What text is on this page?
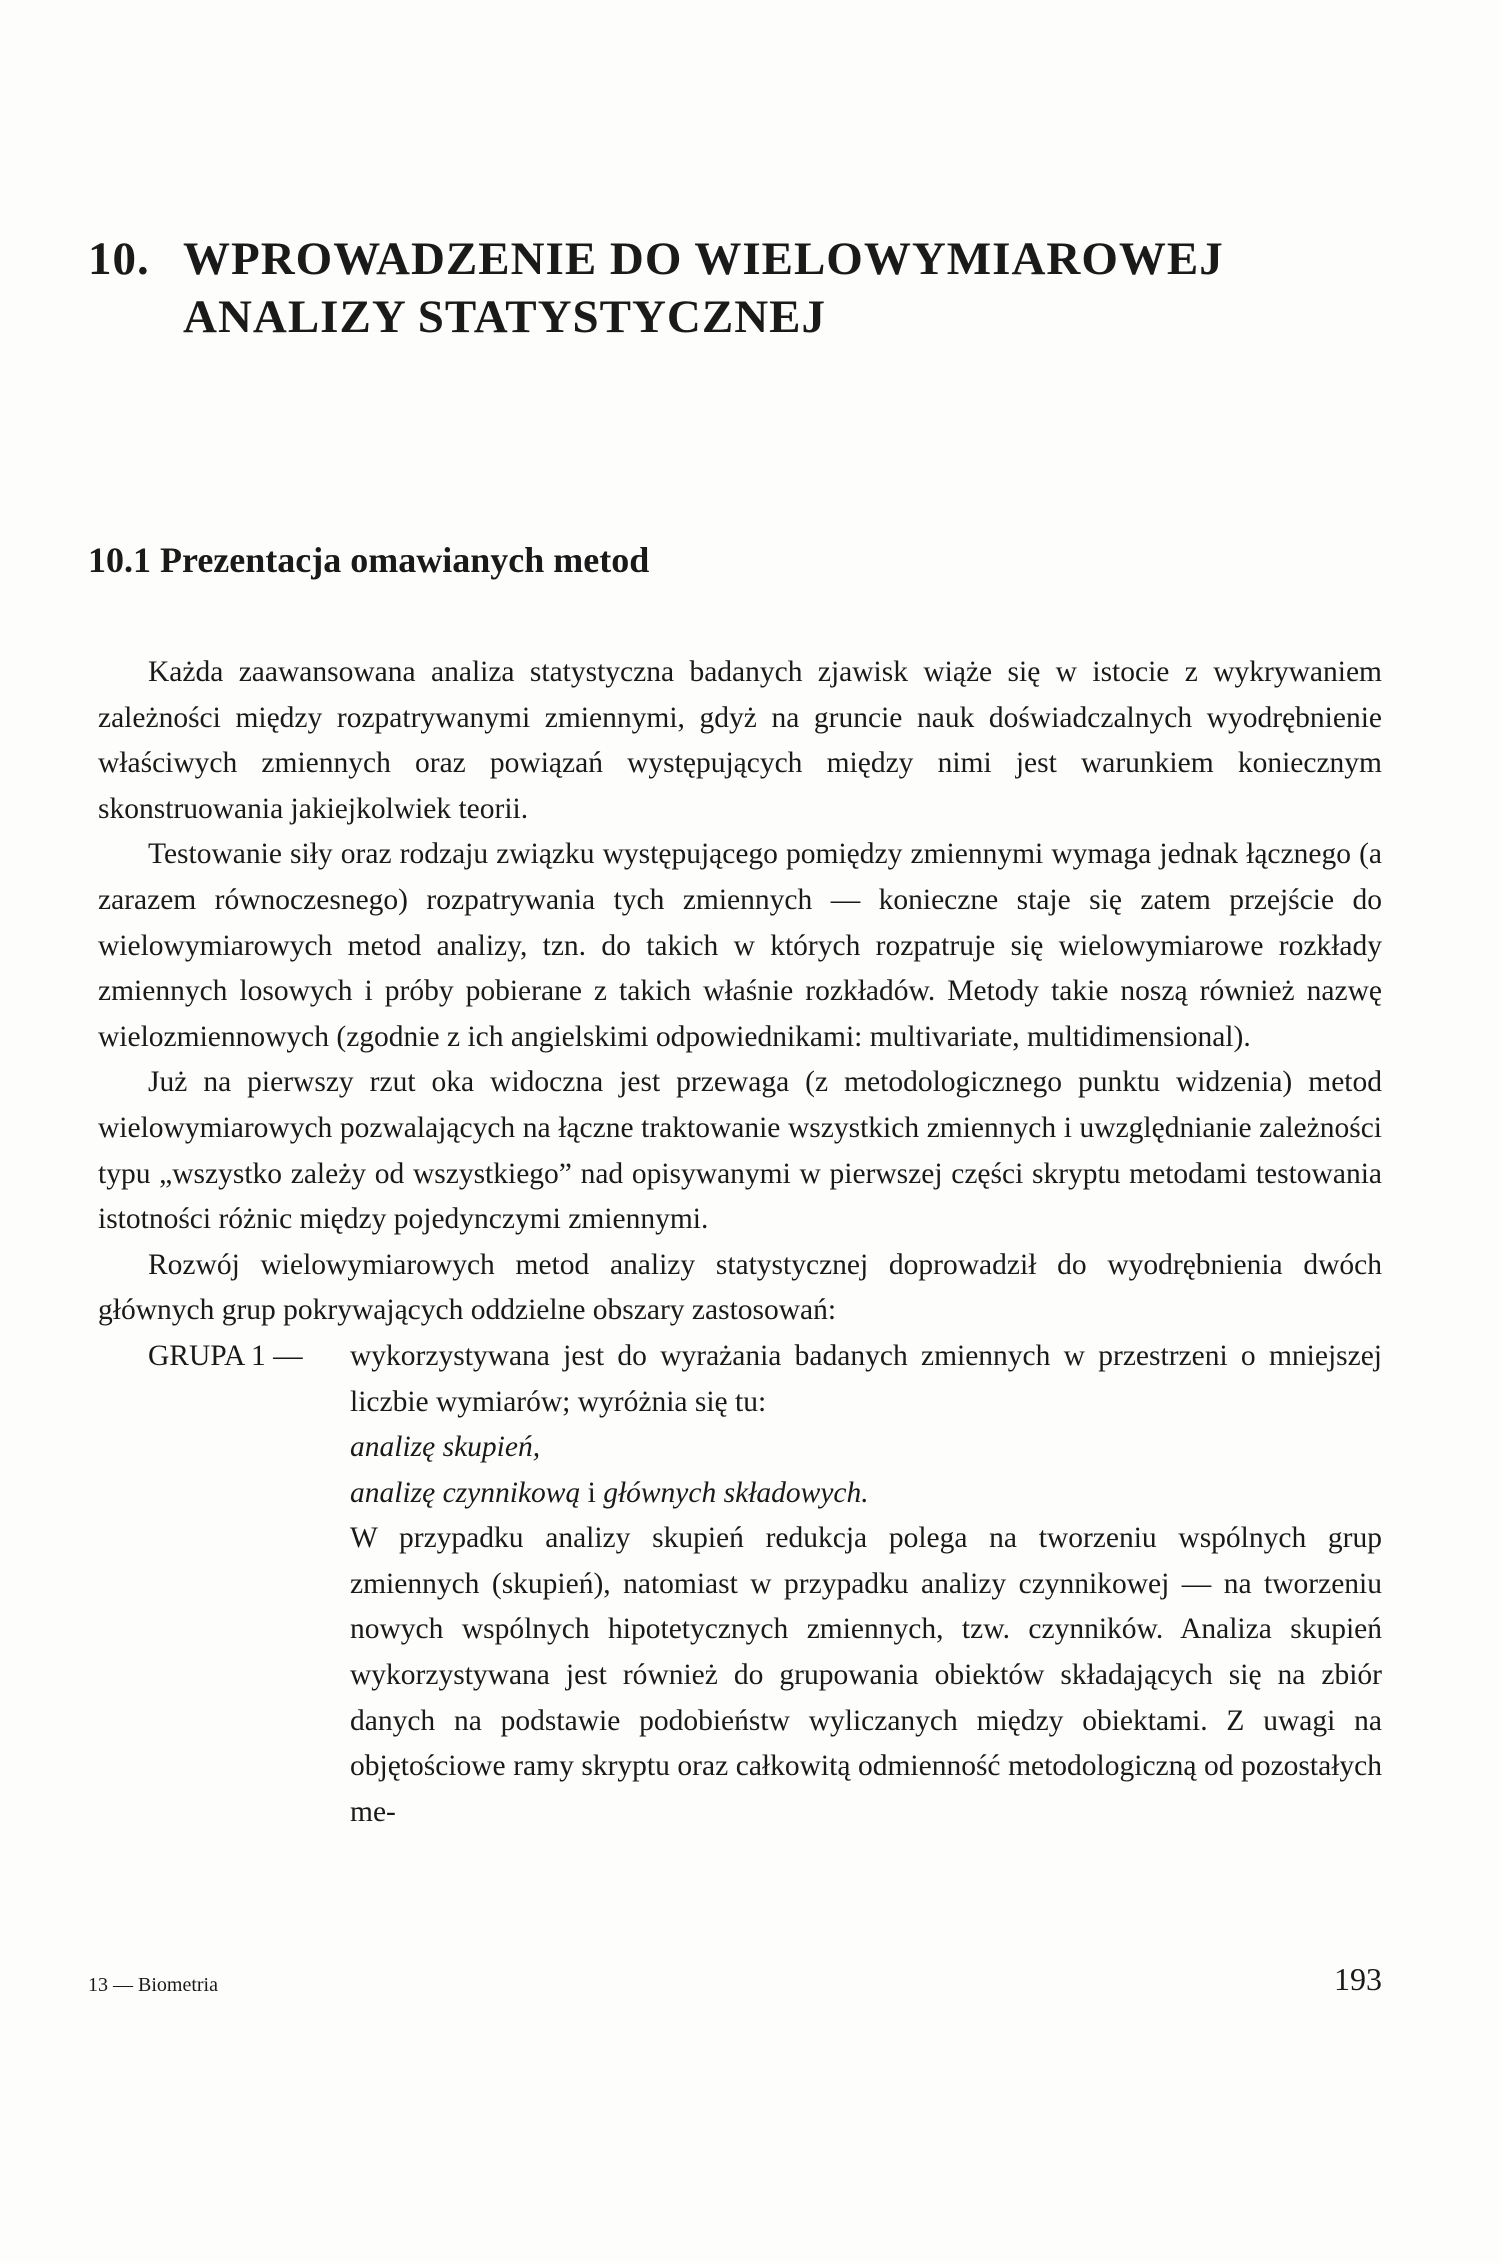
10. WPROWADZENIE DO WIELOWYMIAROWEJ
ANALIZY STATYSTYCZNEJ
10.1 Prezentacja omawianych metod

Każda zaawansowana analiza statystyczna badanych zjawisk wiąże się w istocie z wykrywaniem zależności między rozpatrywanymi zmiennymi, gdyż na gruncie nauk doświadczalnych wyodrębnienie właściwych zmiennych oraz powiązań występujących między nimi jest warunkiem koniecznym skonstruowania jakiejkolwiek teorii.

Testowanie siły oraz rodzaju związku występującego pomiędzy zmiennymi wymaga jednak łącznego (a zarazem równoczesnego) rozpatrywania tych zmiennych — konieczne staje się zatem przejście do wielowymiarowych metod analizy, tzn. do takich w których rozpatruje się wielowymiarowe rozkłady zmiennych losowych i próby pobierane z takich właśnie rozkładów. Metody takie noszą również nazwę wielozmiennowych (zgodnie z ich angielskimi odpowiednikami: multivariate, multidimensional).

Już na pierwszy rzut oka widoczna jest przewaga (z metodologicznego punktu widzenia) metod wielowymiarowych pozwalających na łączne traktowanie wszystkich zmiennych i uwzględnianie zależności typu „wszystko zależy od wszystkiego” nad opisywanymi w pierwszej części skryptu metodami testowania istotności różnic między pojedynczymi zmiennymi.

Rozwój wielowymiarowych metod analizy statystycznej doprowadził do wyodrębnienia dwóch głównych grup pokrywających oddzielne obszary zastosowań:

GRUPA 1 —	wykorzystywana jest do wyrażania badanych zmiennych w przestrzeni o mniejszej liczbie wymiarów; wyróżnia się tu:

analizę skupień,

analizę czynnikową i głównych składowych.

W przypadku analizy skupień redukcja polega na tworzeniu wspólnych grup zmiennych (skupień), natomiast w przypadku analizy czynnikowej — na tworzeniu nowych wspólnych hipotetycznych zmiennych, tzw. czynników. Analiza skupień wykorzystywana jest również do grupowania obiektów składających się na zbiór danych na podstawie podobieństw wyliczanych między obiektami. Z uwagi na objętościowe ramy skryptu oraz całkowitą odmienność metodologiczną od pozostałych me-

13 — Biometria	193
